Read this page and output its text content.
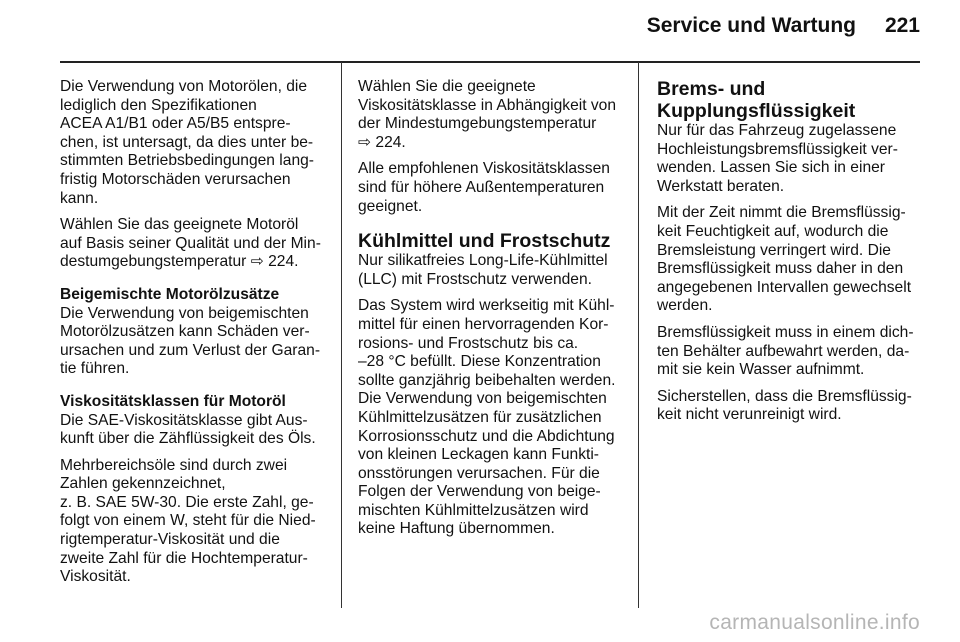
Service und Wartung 221

Die Verwendung von Motorölen, die
lediglich den Spezifikationen
ACEA A1/B1 oder A5/B5 entspre-
chen, ist untersagt, da dies unter be-
stimmten Betriebsbedingungen lang-
fristig Motorschäden verursachen
kann.

Wählen Sie das geeignete Motoröl
auf Basis seiner Qualität und der Min-
destumgebungstemperatur ⇨ 224.

Beigemischte Motorölzusätze

Die Verwendung von beigemischten
Motorölzusätzen kann Schäden ver-
ursachen und zum Verlust der Garan-
tie führen.

Viskositätsklassen für Motoröl

Die SAE-Viskositätsklasse gibt Aus-
kunft über die Zähflüssigkeit des Öls.

Mehrbereichsöle sind durch zwei
Zahlen gekennzeichnet,
z. B. SAE 5W-30. Die erste Zahl, ge-
folgt von einem W, steht für die Nied-
rigtemperatur-Viskosität und die
zweite Zahl für die Hochtemperatur-
Viskosität.

Wählen Sie die geeignete
Viskositätsklasse in Abhängigkeit von
der Mindestumgebungstemperatur
⇨ 224.

Alle empfohlenen Viskositätsklassen
sind für höhere Außentemperaturen
geeignet.

Kühlmittel und Frostschutz

Nur silikatfreies Long-Life-Kühlmittel
(LLC) mit Frostschutz verwenden.

Das System wird werkseitig mit Kühl-
mittel für einen hervorragenden Kor-
rosions- und Frostschutz bis ca.
–28 °C befüllt. Diese Konzentration
sollte ganzjährig beibehalten werden.
Die Verwendung von beigemischten
Kühlmittelzusätzen für zusätzlichen
Korrosionsschutz und die Abdichtung
von kleinen Leckagen kann Funkti-
onsstörungen verursachen. Für die
Folgen der Verwendung von beige-
mischten Kühlmittelzusätzen wird
keine Haftung übernommen.

Brems- und
Kupplungsflüssigkeit

Nur für das Fahrzeug zugelassene
Hochleistungsbremsflüssigkeit ver-
wenden. Lassen Sie sich in einer
Werkstatt beraten.

Mit der Zeit nimmt die Bremsflüssig-
keit Feuchtigkeit auf, wodurch die
Bremsleistung verringert wird. Die
Bremsflüssigkeit muss daher in den
angegebenen Intervallen gewechselt
werden.

Bremsflüssigkeit muss in einem dich-
ten Behälter aufbewahrt werden, da-
mit sie kein Wasser aufnimmt.

Sicherstellen, dass die Bremsflüssig-
keit nicht verunreinigt wird.

carmanualsonline.info
